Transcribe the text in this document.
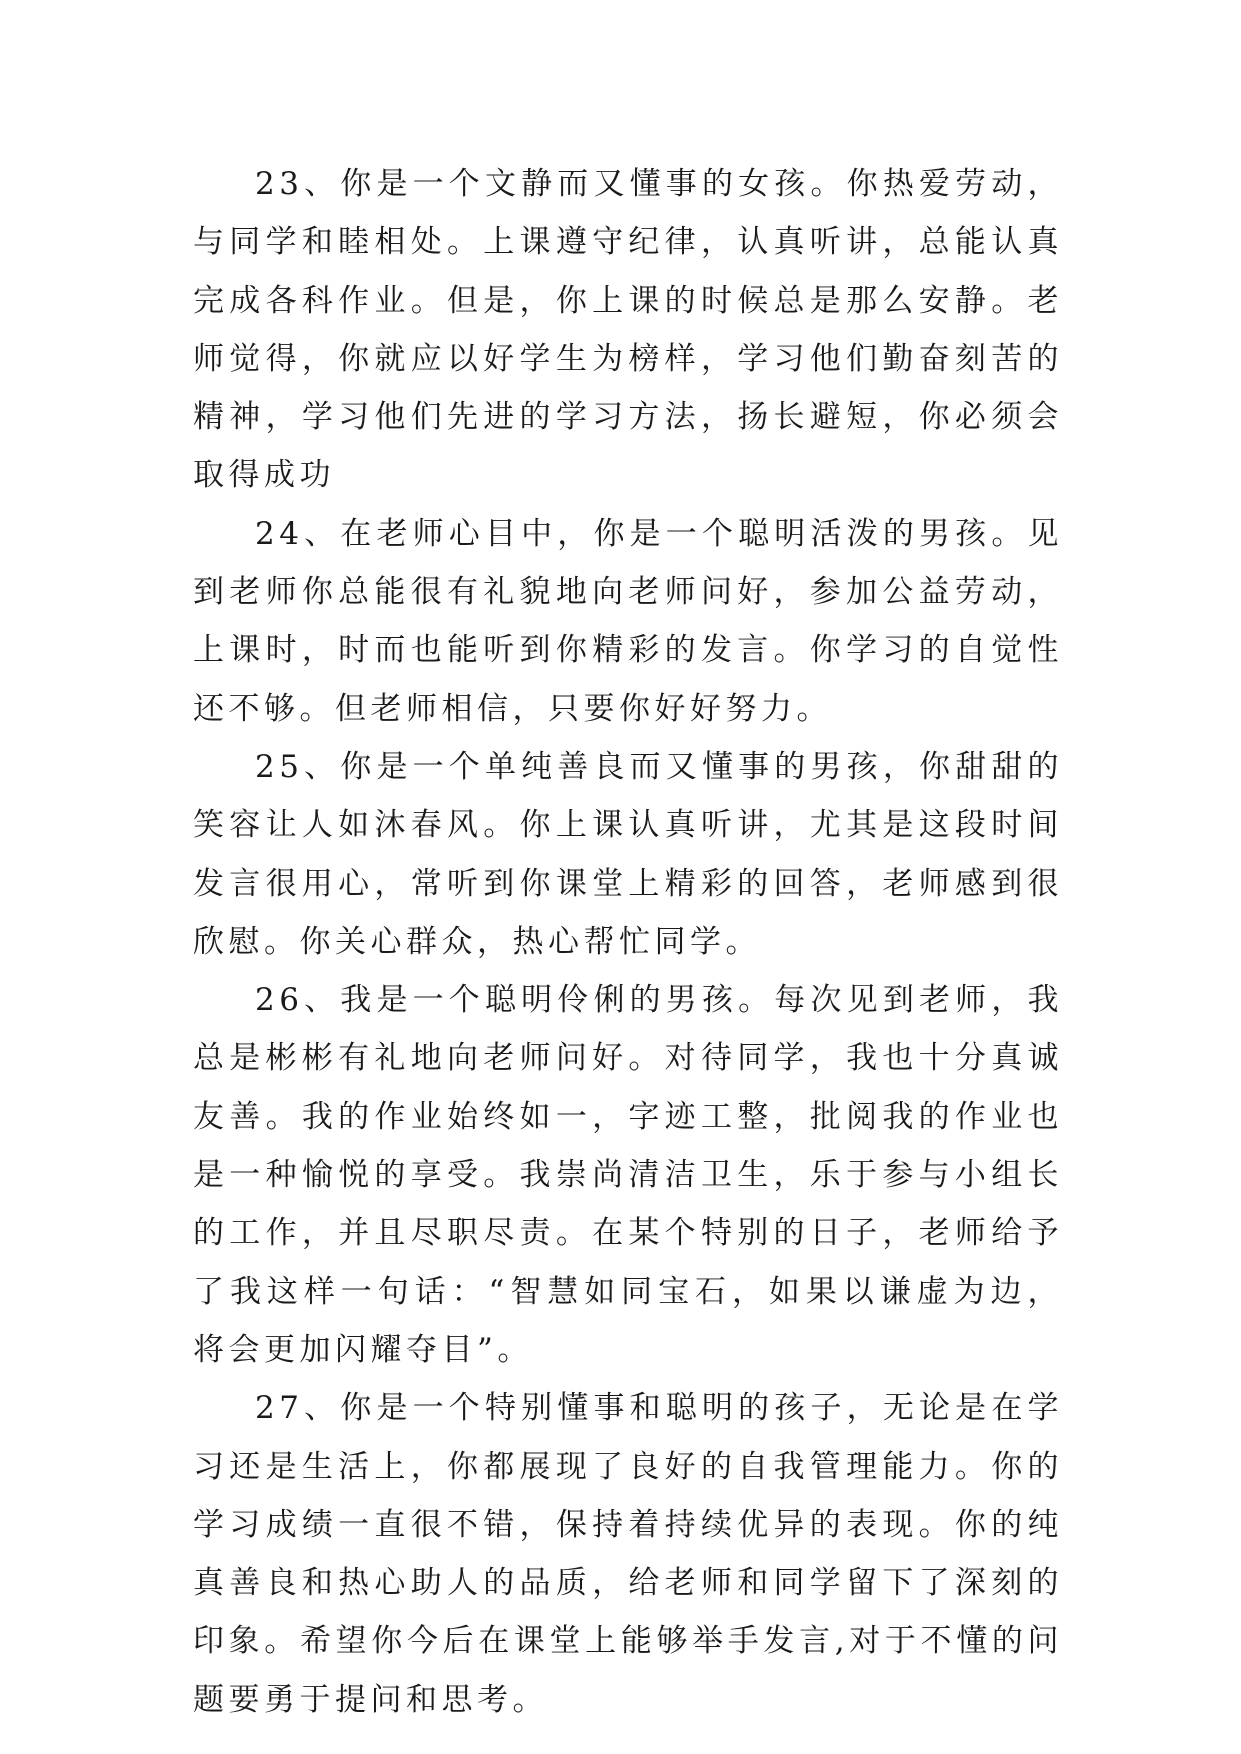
23、你是一个文静而又懂事的女孩。你热爱劳动，与同学和睦相处。上课遵守纪律，认真听讲，总能认真完成各科作业。但是，你上课的时候总是那么安静。老师觉得，你就应以好学生为榜样，学习他们勤奋刻苦的精神，学习他们先进的学习方法，扬长避短，你必须会取得成功

24、在老师心目中，你是一个聪明活泼的男孩。见到老师你总能很有礼貌地向老师问好，参加公益劳动，上课时，时而也能听到你精彩的发言。你学习的自觉性还不够。但老师相信，只要你好好努力。

25、你是一个单纯善良而又懂事的男孩，你甜甜的笑容让人如沐春风。你上课认真听讲，尤其是这段时间发言很用心，常听到你课堂上精彩的回答，老师感到很欣慰。你关心群众，热心帮忙同学。

26、我是一个聪明伶俐的男孩。每次见到老师，我总是彬彬有礼地向老师问好。对待同学，我也十分真诚友善。我的作业始终如一，字迹工整，批阅我的作业也是一种愉悦的享受。我崇尚清洁卫生，乐于参与小组长的工作，并且尽职尽责。在某个特别的日子，老师给予了我这样一句话：“智慧如同宝石，如果以谦虚为边，将会更加闪耀夺目”。

27、你是一个特别懂事和聪明的孩子，无论是在学习还是生活上，你都展现了良好的自我管理能力。你的学习成绩一直很不错，保持着持续优异的表现。你的纯真善良和热心助人的品质，给老师和同学留下了深刻的印象。希望你今后在课堂上能够举手发言,对于不懂的问题要勇于提问和思考。
